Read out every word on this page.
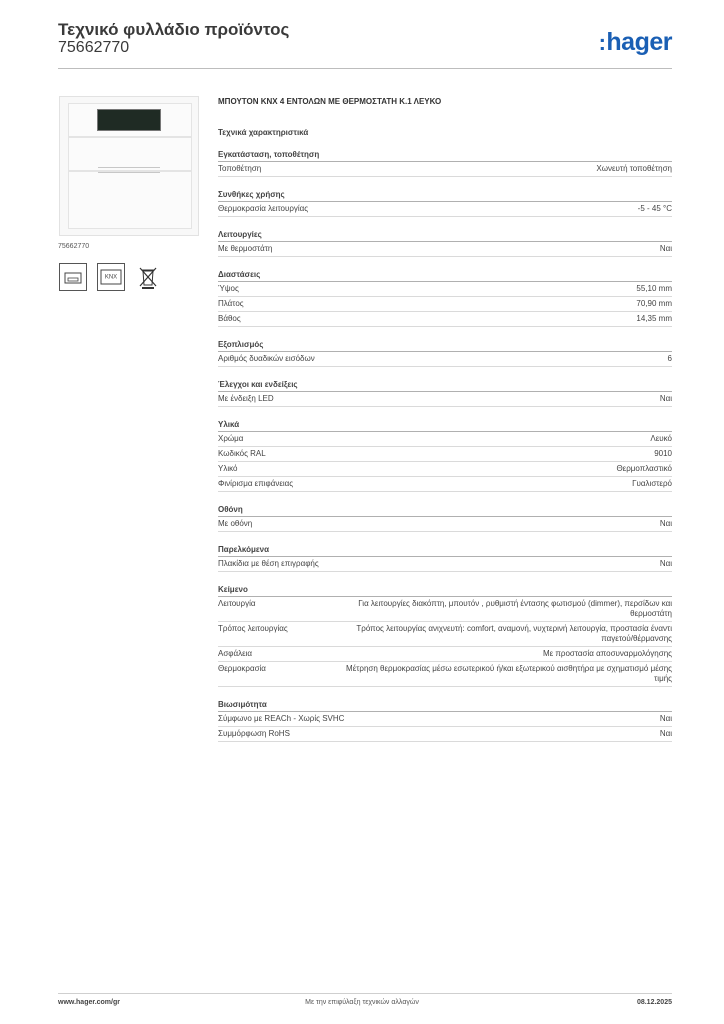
Τεχνικό φυλλάδιο προϊόντος
75662770	:hager
75662770
KNX
ΜΠΟΥΤΟΝ KNX 4 ΕΝΤΟΛΩΝ ΜΕ ΘΕΡΜΟΣΤΑΤΗ Κ.1 ΛΕΥΚΟ
Τεχνικά χαρακτηριστικά
Εγκατάσταση, τοποθέτηση
Τοποθέτηση	Χωνευτή τοποθέτηση
Συνθήκες χρήσης
Θερμοκρασία λειτουργίας	-5 - 45 °C
Λειτουργίες
Με θερμοστάτη	Ναι
Διαστάσεις
Ύψος	55,10 mm
Πλάτος	70,90 mm
Βάθος	14,35 mm
Εξοπλισμός
Αριθμός δυαδικών εισόδων	6
Έλεγχοι και ενδείξεις
Με ένδειξη LED	Ναι
Υλικά
Χρώμα	Λευκό
Κωδικός RAL	9010
Υλικό	Θερμοπλαστικό
Φινίρισμα επιφάνειας	Γυαλιστερό
Οθόνη
Με οθόνη	Ναι
Παρελκόμενα
Πλακίδια με θέση επιγραφής	Ναι
Κείμενο
Λειτουργία	Για λειτουργίες διακόπτη, μπουτόν , ρυθμιστή έντασης φωτισμού (dimmer), περσίδων και θερμοστάτη
Τρόπος λειτουργίας	Τρόπος λειτουργίας ανιχνευτή: comfort, αναμονή, νυχτερινή λειτουργία, προστασία έναντι παγετού/θέρμανσης
Ασφάλεια	Με προστασία αποσυναρμολόγησης
Θερμοκρασία	Μέτρηση θερμοκρασίας μέσω εσωτερικού ή/και εξωτερικού αισθητήρα με σχηματισμό μέσης τιμής
Βιωσιμότητα
Σύμφωνο με REACh - Χωρίς SVHC	Ναι
Συμμόρφωση RoHS	Ναι
www.hager.com/gr	Με την επιφύλαξη τεχνικών αλλαγών	08.12.2025
